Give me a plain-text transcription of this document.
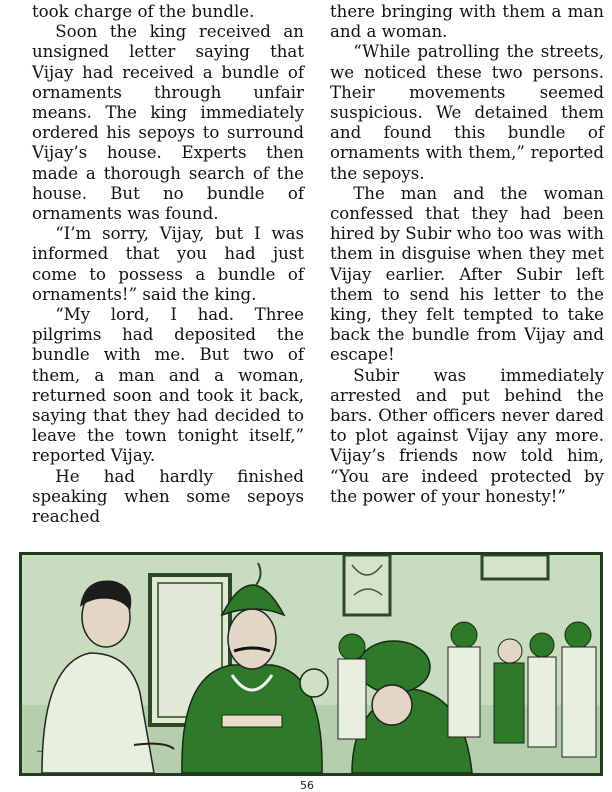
took charge of the bundle.

Soon the king received an unsigned letter saying that Vijay had received a bundle of ornaments through unfair means. The king immediately ordered his sepoys to surround Vijay’s house. Experts then made a thorough search of the house. But no bundle of ornaments was found.

“I’m sorry, Vijay, but I was informed that you had just come to possess a bundle of ornaments!” said the king.

“My lord, I had. Three pilgrims had deposited the bundle with me. But two of them, a man and a woman, returned soon and took it back, saying that they had decided to leave the town tonight itself,” reported Vijay.

He had hardly finished speaking when some sepoys reached

there bringing with them a man and a woman.

“While patrolling the streets, we noticed these two persons. Their movements seemed suspicious. We detained them and found this bundle of ornaments with them,” reported the sepoys.

The man and the woman confessed that they had been hired by Subir who too was with them in disguise when they met Vijay earlier. After Subir left them to send his letter to the king, they felt tempted to take back the bundle from Vijay and escape!

Subir was immediately arrested and put behind the bars. Other officers never dared to plot against Vijay any more. Vijay’s friends now told him, “You are indeed protected by the power of your honesty!”

~
56
